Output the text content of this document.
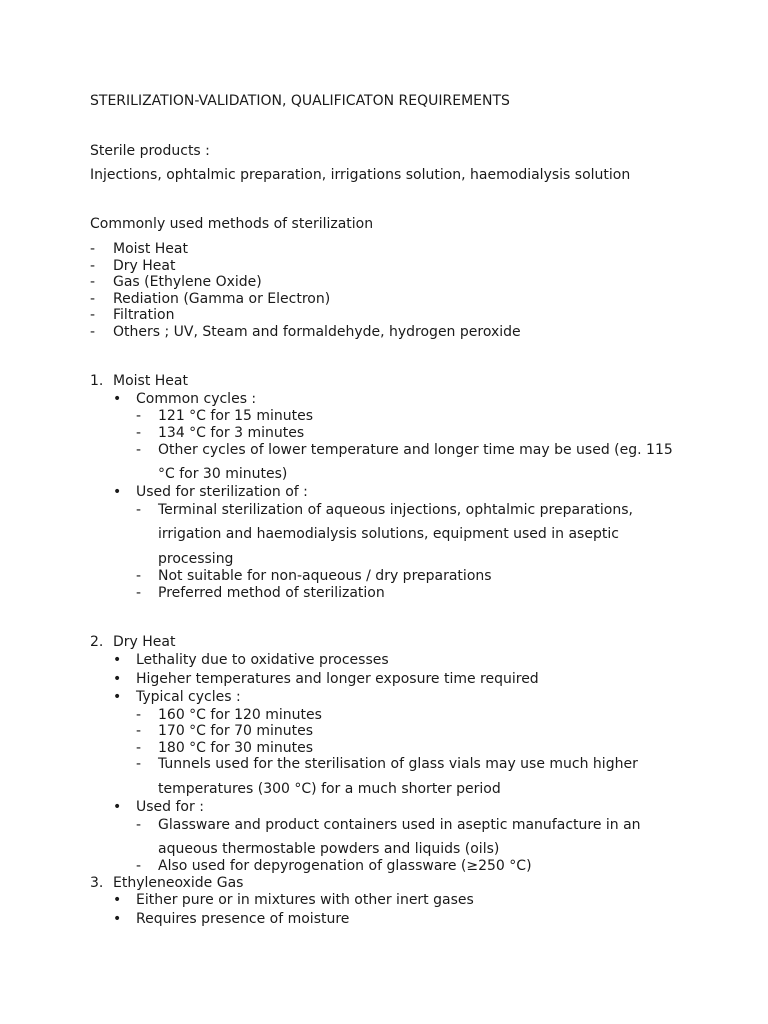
STERILIZATION-VALIDATION, QUALIFICATON REQUIREMENTS
Sterile products :
Injections, ophtalmic preparation, irrigations solution, haemodialysis solution
Commonly used methods of sterilization
- Moist Heat
- Dry Heat
- Gas (Ethylene Oxide)
- Rediation (Gamma or Electron)
- Filtration
- Others ; UV, Steam and formaldehyde, hydrogen peroxide
1. Moist Heat
• Common cycles :
- 121 °C for 15 minutes
- 134 °C for 3 minutes
- Other cycles of lower temperature and longer time may be used (eg. 115
°C for 30 minutes)
• Used for sterilization of :
- Terminal sterilization of aqueous injections, ophtalmic preparations,
irrigation and haemodialysis solutions, equipment used in aseptic
processing
- Not suitable for non-aqueous / dry preparations
- Preferred method of sterilization
2. Dry Heat
• Lethality due to oxidative processes
• Higeher temperatures and longer exposure time required
• Typical cycles :
- 160 °C for 120 minutes
- 170 °C for 70 minutes
- 180 °C for 30 minutes
- Tunnels used for the sterilisation of glass vials may use much higher
temperatures (300 °C) for a much shorter period
• Used for :
- Glassware and product containers used in aseptic manufacture in an
aqueous thermostable powders and liquids (oils)
- Also used for depyrogenation of glassware (≥250 °C)
3. Ethyleneoxide Gas
• Either pure or in mixtures with other inert gases
• Requires presence of moisture
